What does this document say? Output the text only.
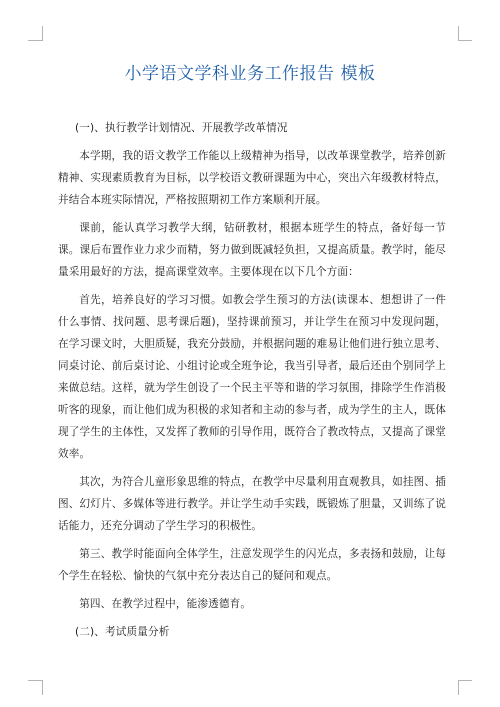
小学语文学科业务工作报告 模板

(一)、执行教学计划情况、开展教学改革情况

本学期，我的语文教学工作能以上级精神为指导，以改革课堂教学，培养创新精神、实现素质教育为目标，以学校语文教研课题为中心，突出六年级教材特点，并结合本班实际情况，严格按照期初工作方案顺利开展。

课前，能认真学习教学大纲，钻研教材，根据本班学生的特点，备好每一节课。课后布置作业力求少而精，努力做到既减轻负担，又提高质量。教学时，能尽量采用最好的方法，提高课堂效率。主要体现在以下几个方面：

首先，培养良好的学习习惯。如教会学生预习的方法(读课本、想想讲了一件什么事情、找问题、思考课后题)，坚持课前预习，并让学生在预习中发现问题，在学习课文时，大胆质疑，我充分鼓励，并根据问题的难易让他们进行独立思考、同桌讨论、前后桌讨论、小组讨论或全班争论，我当引导者，最后还由个别同学上来做总结。这样，就为学生创设了一个民主平等和谐的学习氛围，排除学生作消极听客的现象，而让他们成为积极的求知者和主动的参与者，成为学生的主人，既体现了学生的主体性，又发挥了教师的引导作用，既符合了教改特点，又提高了课堂效率。

其次，为符合儿童形象思维的特点，在教学中尽量利用直观教具，如挂图、插图、幻灯片、多媒体等进行教学。并让学生动手实践，既锻炼了胆量，又训练了说话能力，还充分调动了学生学习的积极性。

第三、教学时能面向全体学生，注意发现学生的闪光点，多表扬和鼓励，让每个学生在轻松、愉快的气氛中充分表达自己的疑问和观点。

第四、在教学过程中，能渗透德育。

(二)、考试质量分析
